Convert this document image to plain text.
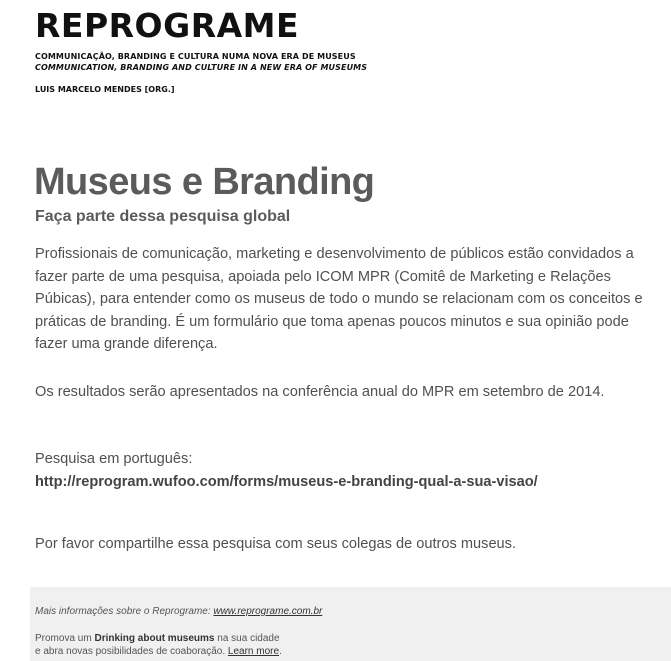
REPROGRAME
COMMUNICAÇÃO, BRANDING E CULTURA NUMA NOVA ERA DE MUSEUS
COMMUNICATION, BRANDING AND CULTURE IN A NEW ERA OF MUSEUMS
LUIS MARCELO MENDES [ORG.]
Museus e Branding
Faça parte dessa pesquisa global

Profissionais de comunicação, marketing e desenvolvimento de públicos estão convidados a fazer parte de uma pesquisa, apoiada pelo ICOM MPR (Comitê de Marketing e Relações Púbicas), para entender como os museus de todo o mundo se relacionam com os conceitos e práticas de branding. É um formulário que toma apenas poucos minutos e sua opinião pode fazer uma grande diferença.

Os resultados serão apresentados na conferência anual do MPR em setembro de 2014.

Pesquisa em português:
http://reprogram.wufoo.com/forms/museus-e-branding-qual-a-sua-visao/

Por favor compartilhe essa pesquisa com seus colegas de outros museus.

Mais informações sobre o Reprograme: www.reprograme.com.br

Promova um Drinking about museums na sua cidade
e abra novas posibilidades de coaboração. Learn more.
